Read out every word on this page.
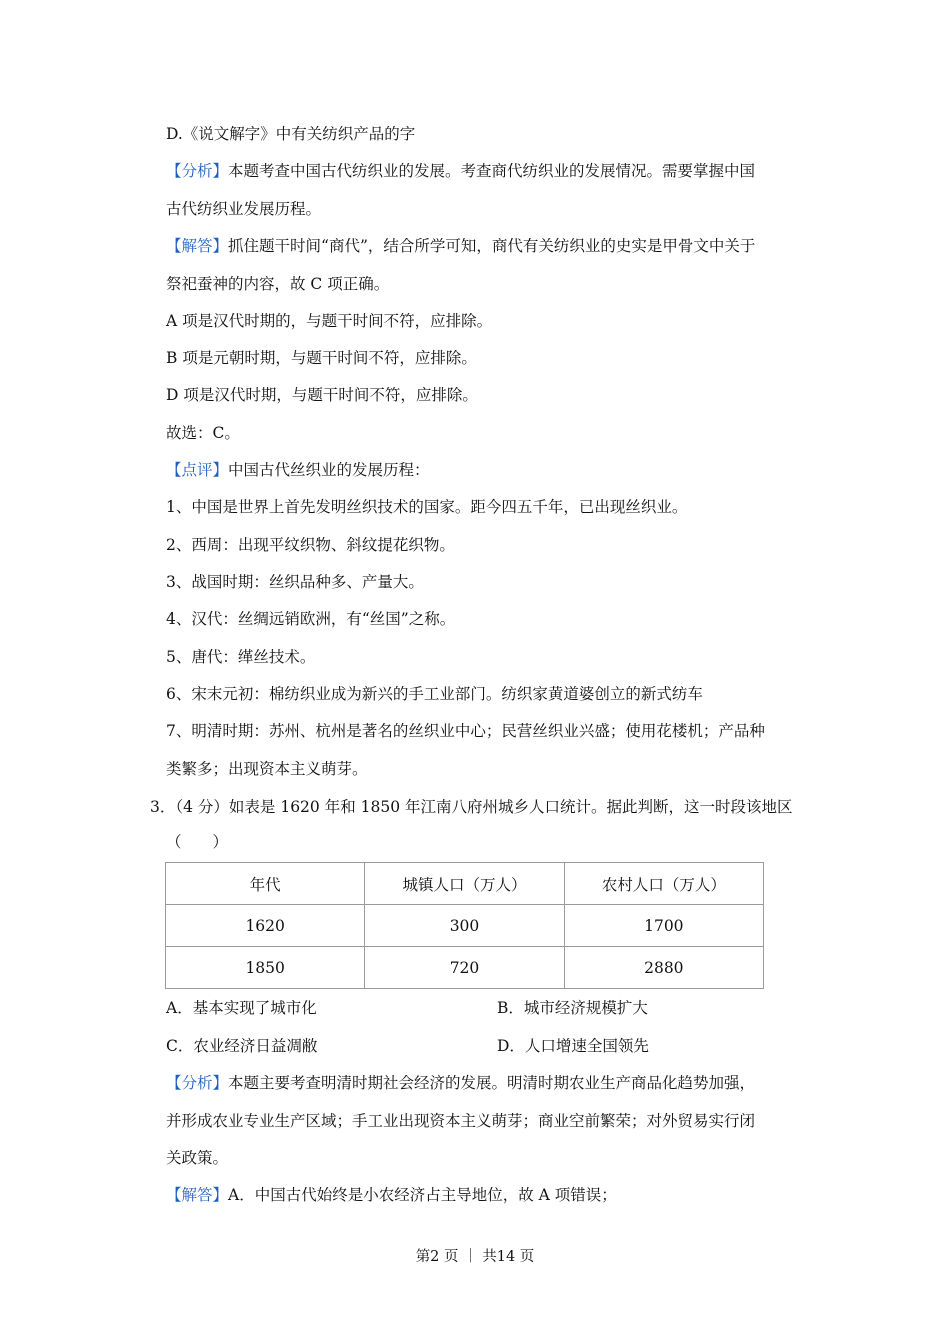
D.《说文解字》中有关纺织产品的字
【分析】本题考查中国古代纺织业的发展。考查商代纺织业的发展情况。需要掌握中国
古代纺织业发展历程。
【解答】抓住题干时间“商代”，结合所学可知，商代有关纺织业的史实是甲骨文中关于
祭祀蚕神的内容，故 C 项正确。
A 项是汉代时期的，与题干时间不符，应排除。
B 项是元朝时期，与题干时间不符，应排除。
D 项是汉代时期，与题干时间不符，应排除。
故选：C。
【点评】中国古代丝织业的发展历程：
1、中国是世界上首先发明丝织技术的国家。距今四五千年，已出现丝织业。
2、西周：出现平纹织物、斜纹提花织物。
3、战国时期：丝织品种多、产量大。
4、汉代：丝绸远销欧洲，有“丝国”之称。
5、唐代：缂丝技术。
6、宋末元初：棉纺织业成为新兴的手工业部门。纺织家黄道婆创立的新式纺车
7、明清时期：苏州、杭州是著名的丝织业中心；民营丝织业兴盛；使用花楼机；产品种
类繁多；出现资本主义萌芽。
3．（4 分）如表是 1620 年和 1850 年江南八府州城乡人口统计。据此判断，这一时段该地区
（　　）
年代	城镇人口（万人）	农村人口（万人）
1620	300	1700
1850	720	2880
A．基本实现了城市化	B．城市经济规模扩大
C．农业经济日益凋敝	D．人口增速全国领先
【分析】本题主要考查明清时期社会经济的发展。明清时期农业生产商品化趋势加强，
并形成农业专业生产区域；手工业出现资本主义萌芽；商业空前繁荣；对外贸易实行闭
关政策。
【解答】A．中国古代始终是小农经济占主导地位，故 A 项错误；
第2 页 ｜ 共14 页
